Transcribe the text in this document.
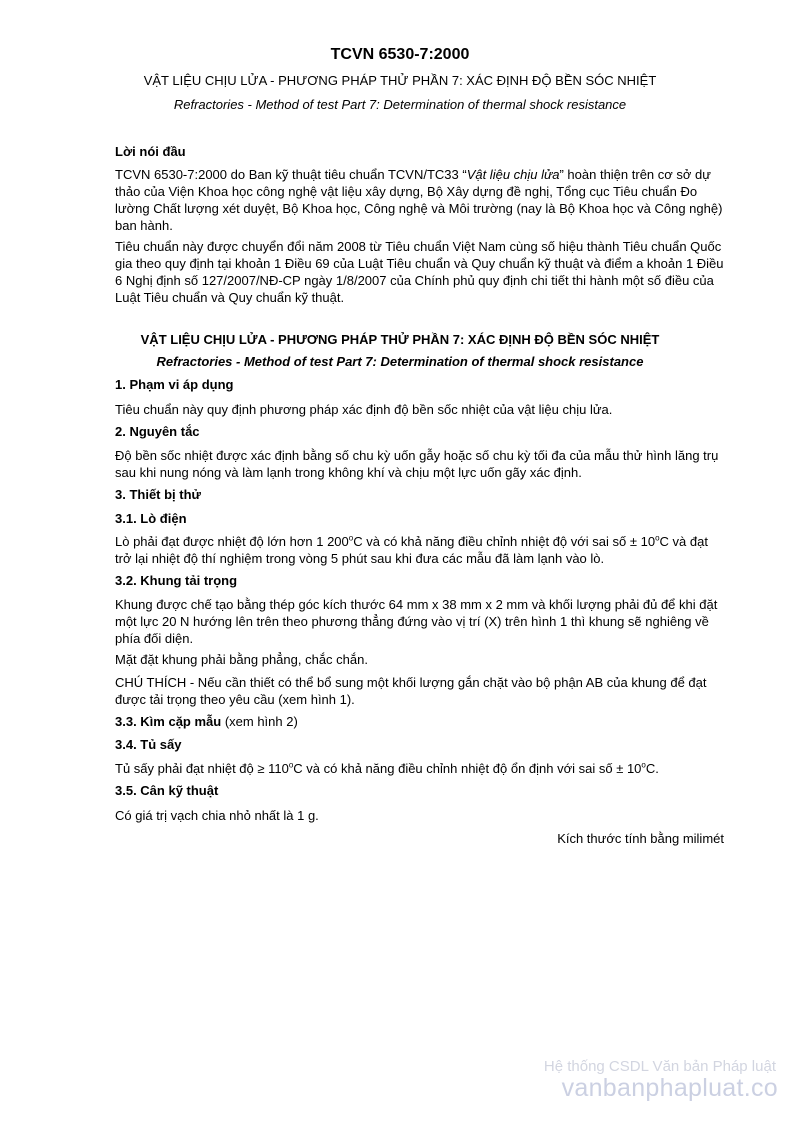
TCVN 6530-7:2000
VẬT LIỆU CHỊU LỬA - PHƯƠNG PHÁP THỬ PHẦN 7: XÁC ĐỊNH ĐỘ BỀN SÓC NHIỆT
Refractories - Method of test Part 7: Determination of thermal shock resistance
Lời nói đầu

TCVN 6530-7:2000 do Ban kỹ thuật tiêu chuẩn TCVN/TC33 “Vật liệu chịu lửa” hoàn thiện trên cơ sở dự thảo của Viện Khoa học công nghệ vật liệu xây dựng, Bộ Xây dựng đề nghị, Tổng cục Tiêu chuẩn Đo lường Chất lượng xét duyệt, Bộ Khoa học, Công nghệ và Môi trường (nay là Bộ Khoa học và Công nghệ) ban hành.

Tiêu chuẩn này được chuyển đổi năm 2008 từ Tiêu chuẩn Việt Nam cùng số hiệu thành Tiêu chuẩn Quốc gia theo quy định tại khoản 1 Điều 69 của Luật Tiêu chuẩn và Quy chuẩn kỹ thuật và điểm a khoản 1 Điều 6 Nghị định số 127/2007/NĐ-CP ngày 1/8/2007 của Chính phủ quy định chi tiết thi hành một số điều của Luật Tiêu chuẩn và Quy chuẩn kỹ thuật.

VẬT LIỆU CHỊU LỬA - PHƯƠNG PHÁP THỬ PHẦN 7: XÁC ĐỊNH ĐỘ BỀN SÓC NHIỆT
Refractories - Method of test Part 7: Determination of thermal shock resistance
1. Phạm vi áp dụng

Tiêu chuẩn này quy định phương pháp xác định độ bền sốc nhiệt của vật liệu chịu lửa.

2. Nguyên tắc

Độ bền sốc nhiệt được xác định bằng số chu kỳ uốn gẫy hoặc số chu kỳ tối đa của mẫu thử hình lăng trụ sau khi nung nóng và làm lạnh trong không khí và chịu một lực uốn gãy xác định.

3. Thiết bị thử
3.1. Lò điện

Lò phải đạt được nhiệt độ lớn hơn 1 200$^o$C và có khả năng điều chỉnh nhiệt độ với sai số ± $10^oC$ và đạt trở lại nhiệt độ thí nghiệm trong vòng 5 phút sau khi đưa các mẫu đã làm lạnh vào lò.

3.2. Khung tải trọng

Khung được chế tạo bằng thép góc kích thước 64 mm x 38 mm x 2 mm và khối lượng phải đủ để khi đặt một lực 20 N hướng lên trên theo phương thẳng đứng vào vị trí (X) trên hình 1 thì khung sẽ nghiêng về phía đối diện.

Mặt đặt khung phải bằng phẳng, chắc chắn.

CHÚ THÍCH - Nếu cần thiết có thể bổ sung một khối lượng gắn chặt vào bộ phận AB của khung để đạt được tải trọng theo yêu cầu (xem hình 1).

3.3. Kìm cặp mẫu (xem hình 2)
3.4. Tủ sấy

Tủ sấy phải đạt nhiệt độ ≥ $110^oC$ và có khả năng điều chỉnh nhiệt độ ổn định với sai số ± $10^oC$.

3.5. Cân kỹ thuật

Có giá trị vạch chia nhỏ nhất là 1 g.

Kích thước tính bằng milimét
Hệ thống CSDL Văn bản Pháp luật
vanbanphapluat.co
